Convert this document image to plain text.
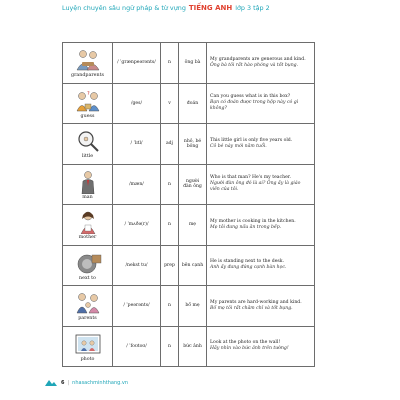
Luyện chuyên sâu ngữ pháp & từ vựng TIẾNG ANH lớp 3 tập 2
grandparents	/ ˈgrænpeərənts/	n	ông bà	My grandparents are generous and kind.
Ông bà tôi rất hào phóng và tốt bụng.

?
guess	/ges/	v	đoán	Can you guess what is in this box?
Bạn có đoán được trong hộp này có gì không?

little	/ ˈlɪtl/	adj	nhỏ, bé bỏng	This little girl is only five years old.
Cô bé này mới năm tuổi.

man	/mæn/	n	người đàn ông	Who is that man? He's my teacher.
Người đàn ông đó là ai? Ông ấy là giáo viên của tôi.

mother	/ ˈmʌðə(r)/	n	mẹ	My mother is cooking in the kitchen.
Mẹ tôi đang nấu ăn trong bếp.

next to	/nekst tu/	prep	bên cạnh	He is standing next to the desk.
Anh ấy đang đứng cạnh bàn học.

parents	/ ˈpeərənts/	n	bố mẹ	My parents are hard-working and kind.
Bố mẹ tôi rất chăm chỉ và tốt bụng.

photo	/ ˈfoʊtoʊ/	n	bức ảnh	Look at the photo on the wall!
Hãy nhìn vào bức ảnh trên tường!
6 | nhasachminhthang.vn
